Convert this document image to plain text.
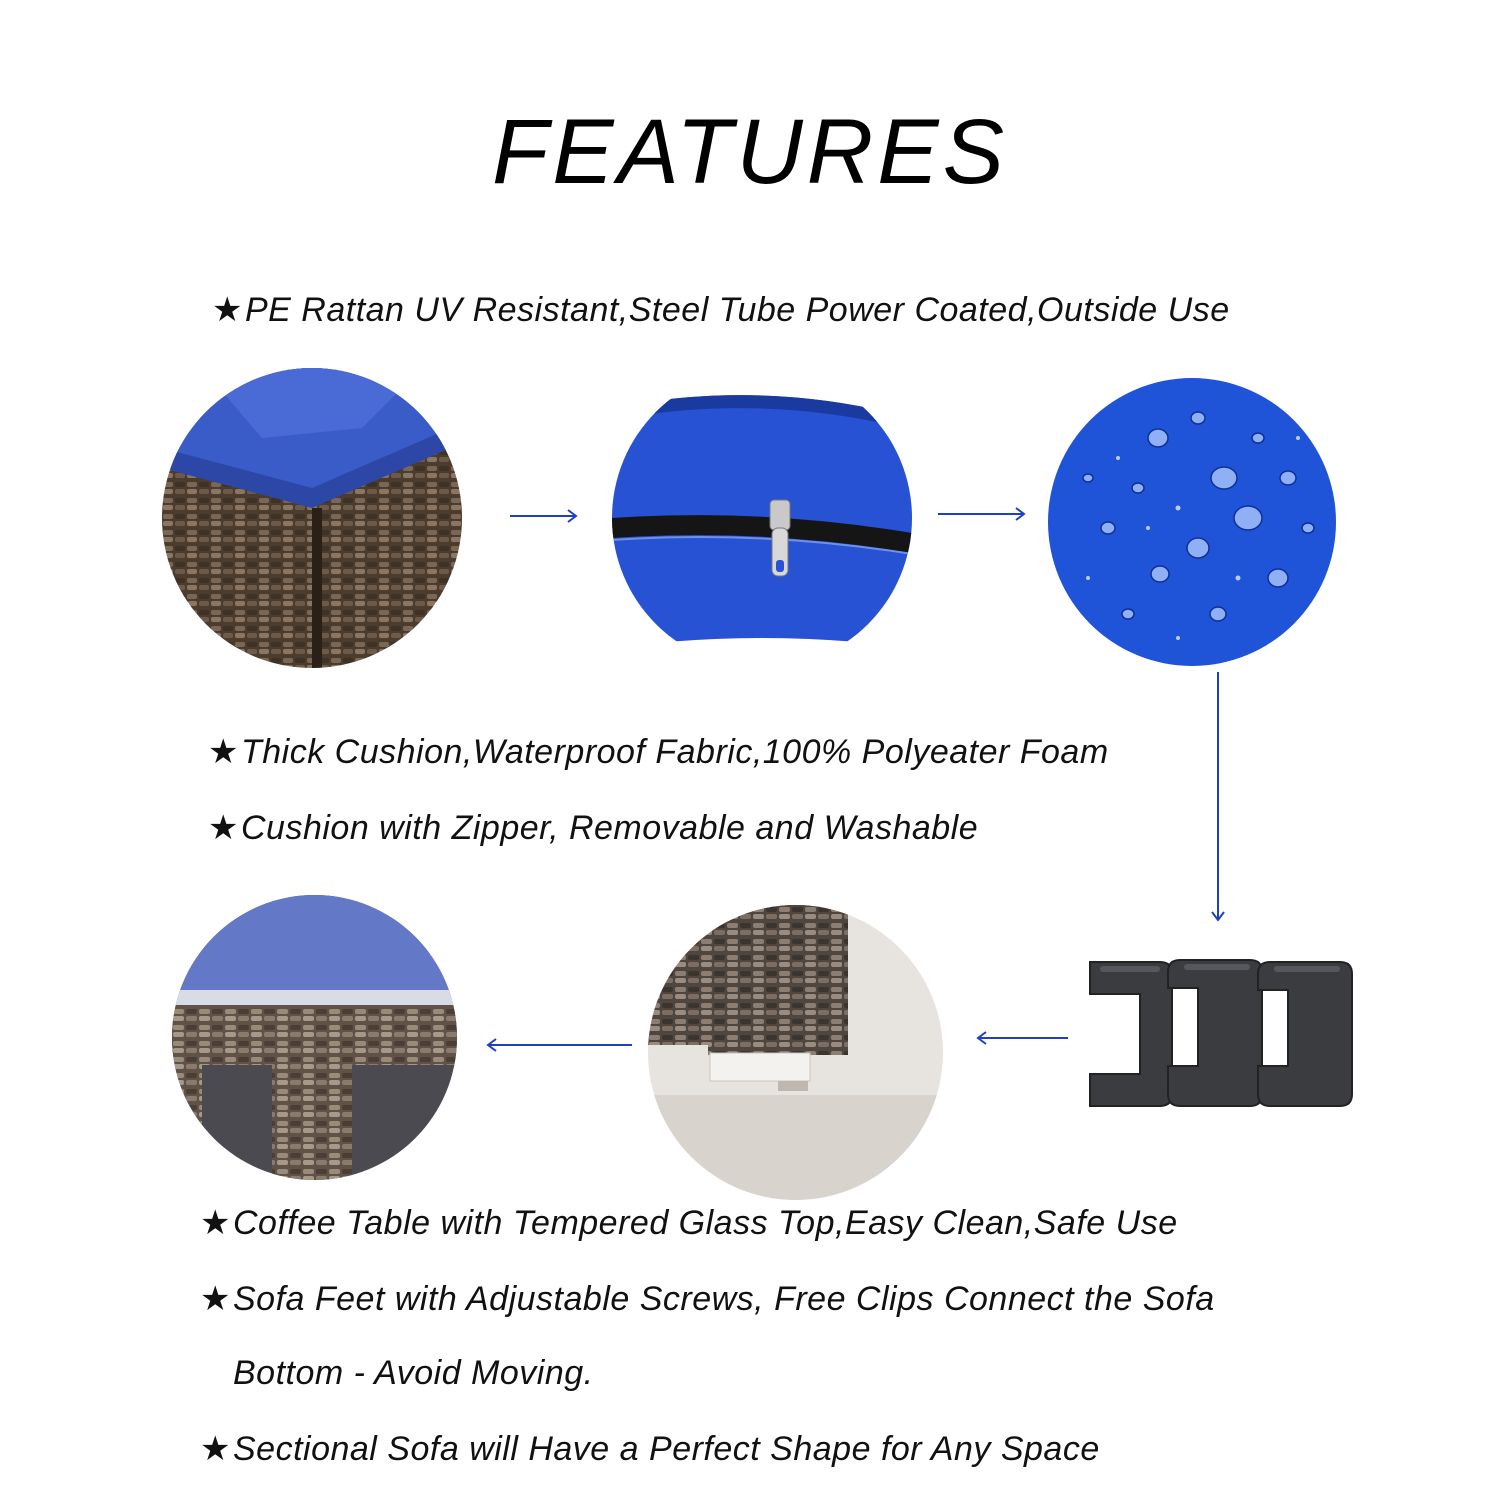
FEATURES
★PE Rattan UV Resistant,Steel Tube Power Coated,Outside Use
★Thick Cushion,Waterproof Fabric,100% Polyeater Foam
★Cushion with Zipper, Removable and Washable
★Coffee Table with Tempered Glass Top,Easy Clean,Safe Use
★Sofa Feet with Adjustable Screws, Free Clips Connect the Sofa
Bottom - Avoid Moving.
★Sectional Sofa will Have a Perfect Shape for Any Space
